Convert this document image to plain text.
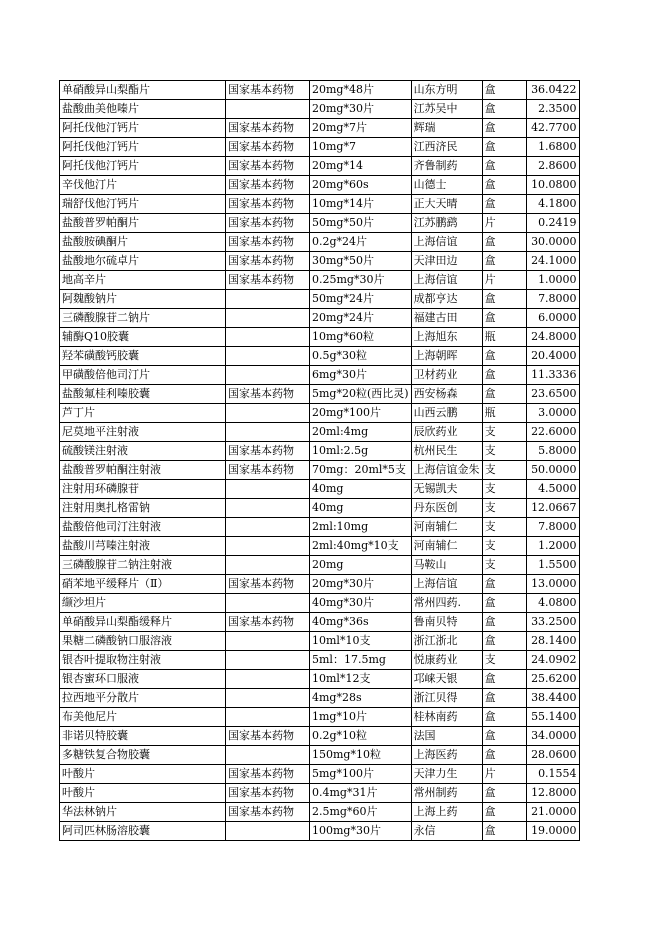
单硝酸异山梨酯片	国家基本药物	20mg*48片	山东方明	盒	36.0422
盐酸曲美他嗪片		20mg*30片	江苏吴中	盒	2.3500
阿托伐他汀钙片	国家基本药物	20mg*7片	辉瑞	盒	42.7700
阿托伐他汀钙片	国家基本药物	10mg*7	江西济民	盒	1.6800
阿托伐他汀钙片	国家基本药物	20mg*14	齐鲁制药	盒	2.8600
辛伐他汀片	国家基本药物	20mg*60s	山德士	盒	10.0800
瑞舒伐他汀钙片	国家基本药物	10mg*14片	正大天晴	盒	4.1800
盐酸普罗帕酮片	国家基本药物	50mg*50片	江苏鹏鹞	片	0.2419
盐酸胺碘酮片	国家基本药物	0.2g*24片	上海信谊	盒	30.0000
盐酸地尔硫卓片	国家基本药物	30mg*50片	天津田边	盒	24.1000
地高辛片	国家基本药物	0.25mg*30片	上海信谊	片	1.0000
阿魏酸钠片		50mg*24片	成都亨达	盒	7.8000
三磷酸腺苷二钠片		20mg*24片	福建古田	盒	6.0000
辅酶Q10胶囊		10mg*60粒	上海旭东	瓶	24.8000
羟苯磺酸钙胶囊		0.5g*30粒	上海朝晖	盒	20.4000
甲磺酸倍他司汀片		6mg*30片	卫材药业	盒	11.3336
盐酸氟桂利嗪胶囊	国家基本药物	5mg*20粒(西比灵)	西安杨森	盒	23.6500
芦丁片		20mg*100片	山西云鹏	瓶	3.0000
尼莫地平注射液		20ml:4mg	辰欣药业	支	22.6000
硫酸镁注射液	国家基本药物	10ml:2.5g	杭州民生	支	5.8000
盐酸普罗帕酮注射液	国家基本药物	70mg：20ml*5支	上海信谊金朱	支	50.0000
注射用环磷腺苷		40mg	无锡凯夫	支	4.5000
注射用奥扎格雷钠		40mg	丹东医创	支	12.0667
盐酸倍他司汀注射液		2ml:10mg	河南辅仁	支	7.8000
盐酸川芎嗪注射液		2ml:40mg*10支	河南辅仁	支	1.2000
三磷酸腺苷二钠注射液		20mg	马鞍山	支	1.5500
硝苯地平缓释片（Ⅱ）	国家基本药物	20mg*30片	上海信谊	盒	13.0000
缬沙坦片		40mg*30片	常州四药.	盒	4.0800
单硝酸异山梨酯缓释片	国家基本药物	40mg*36s	鲁南贝特	盒	33.2500
果糖二磷酸钠口服溶液		10ml*10支	浙江浙北	盒	28.1400
银杏叶提取物注射液		5ml：17.5mg	悦康药业	支	24.0902
银杏蜜环口服液		10ml*12支	邛崃天银	盒	25.6200
拉西地平分散片		4mg*28s	浙江贝得	盒	38.4400
布美他尼片		1mg*10片	桂林南药	盒	55.1400
非诺贝特胶囊	国家基本药物	0.2g*10粒	法国	盒	34.0000
多糖铁复合物胶囊		150mg*10粒	上海医药	盒	28.0600
叶酸片	国家基本药物	5mg*100片	天津力生	片	0.1554
叶酸片	国家基本药物	0.4mg*31片	常州制药	盒	12.8000
华法林钠片	国家基本药物	2.5mg*60片	上海上药	盒	21.0000
阿司匹林肠溶胶囊		100mg*30片	永信	盒	19.0000
